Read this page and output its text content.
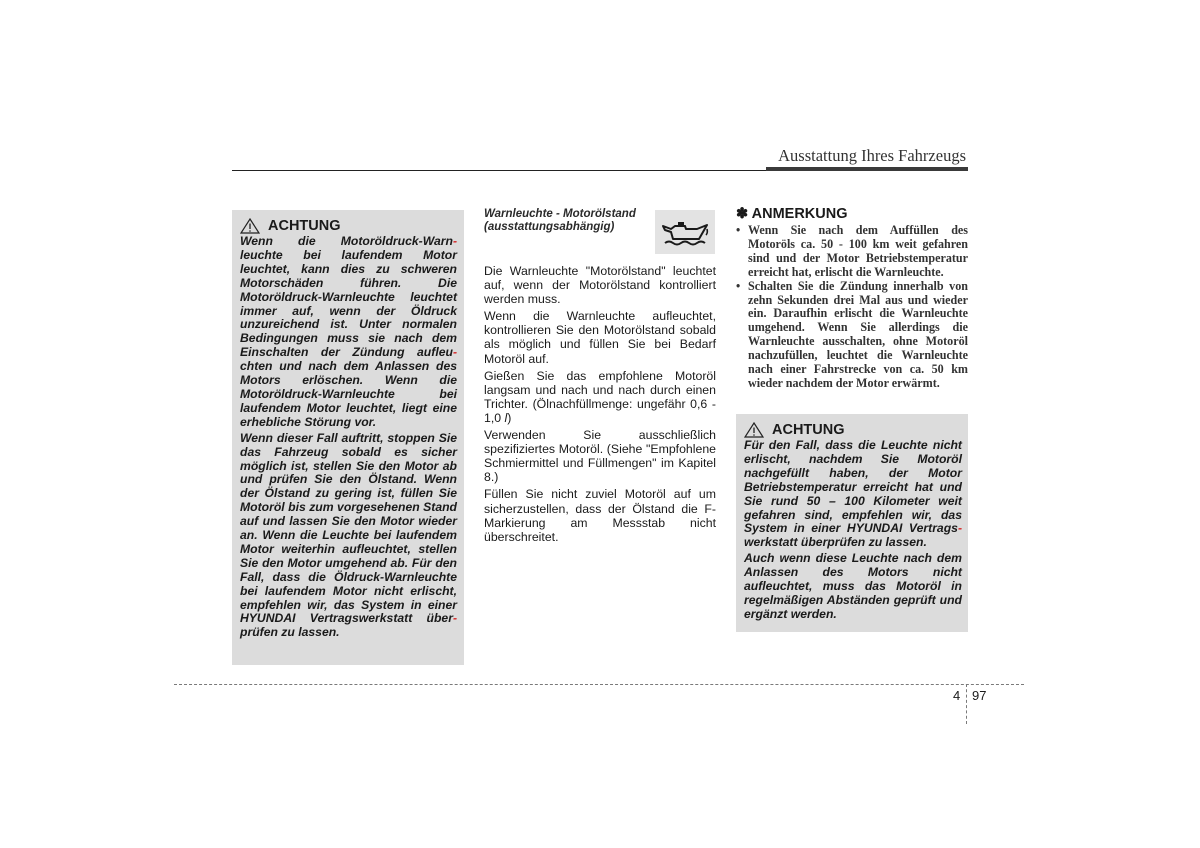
Ausstattung Ihres Fahrzeugs
ACHTUNG

Wenn die Motoröldruck-Warn- leuchte bei laufendem Motor leuchtet, kann dies zu schweren Motorschäden führen. Die Motoröldruck-Warnleuchte leuchtet immer auf, wenn der Öldruck unzureichend ist. Unter normalen Bedingungen muss sie nach dem Einschalten der Zündung aufleu-chten und nach dem Anlassen des Motors erlöschen. Wenn die Motoröldruck-Warnleuchte bei laufendem Motor leuchtet, liegt eine erhebliche Störung vor.

Wenn dieser Fall auftritt, stoppen Sie das Fahrzeug sobald es sicher möglich ist, stellen Sie den Motor ab und prüfen Sie den Ölstand. Wenn der Ölstand zu gering ist, füllen Sie Motoröl bis zum vorgesehenen Stand auf und lassen Sie den Motor wieder an. Wenn die Leuchte bei laufendem Motor weiterhin aufleuchtet, stellen Sie den Motor umgehend ab. Für den Fall, dass die Öldruck-Warnleuchte bei laufendem Motor nicht erlischt, empfehlen wir, das System in einer HYUNDAI Vertragswerkstatt über-prüfen zu lassen.

Warnleuchte - Motorölstand (ausstattungsabhängig)

Die Warnleuchte "Motorölstand" leuchtet auf, wenn der Motorölstand kontrolliert werden muss.

Wenn die Warnleuchte aufleuchtet, kontrollieren Sie den Motorölstand sobald als möglich und füllen Sie bei Bedarf Motoröl auf.

Gießen Sie das empfohlene Motoröl langsam und nach und nach durch einen Trichter. (Ölnachfüllmenge: ungefähr 0,6 - 1,0 l)

Verwenden Sie ausschließlich spezifiziertes Motoröl. (Siehe "Empfohlene Schmiermittel und Füllmengen" im Kapitel 8.)

Füllen Sie nicht zuviel Motoröl auf um sicherzustellen, dass der Ölstand die F-Markierung am Messstab nicht überschreitet.

✽ ANMERKUNG
• Wenn Sie nach dem Auffüllen des Motoröls ca. 50 - 100 km weit gefahren sind und der Motor Betriebstemperatur erreicht hat, erlischt die Warnleuchte.
• Schalten Sie die Zündung innerhalb von zehn Sekunden drei Mal aus und wieder ein. Daraufhin erlischt die Warnleuchte umgehend. Wenn Sie allerdings die Warnleuchte ausschalten, ohne Motoröl nachzufüllen, leuchtet die Warnleuchte nach einer Fahrstrecke von ca. 50 km wieder nachdem der Motor erwärmt.
ACHTUNG

Für den Fall, dass die Leuchte nicht erlischt, nachdem Sie Motoröl nachgefüllt haben, der Motor Betriebstemperatur erreicht hat und Sie rund 50 – 100 Kilometer weit gefahren sind, empfehlen wir, das System in einer HYUNDAI Vertrags-werkstatt überprüfen zu lassen.

Auch wenn diese Leuchte nach dem Anlassen des Motors nicht aufleuchtet, muss das Motoröl in regelmäßigen Abständen geprüft und ergänzt werden.

4 97
